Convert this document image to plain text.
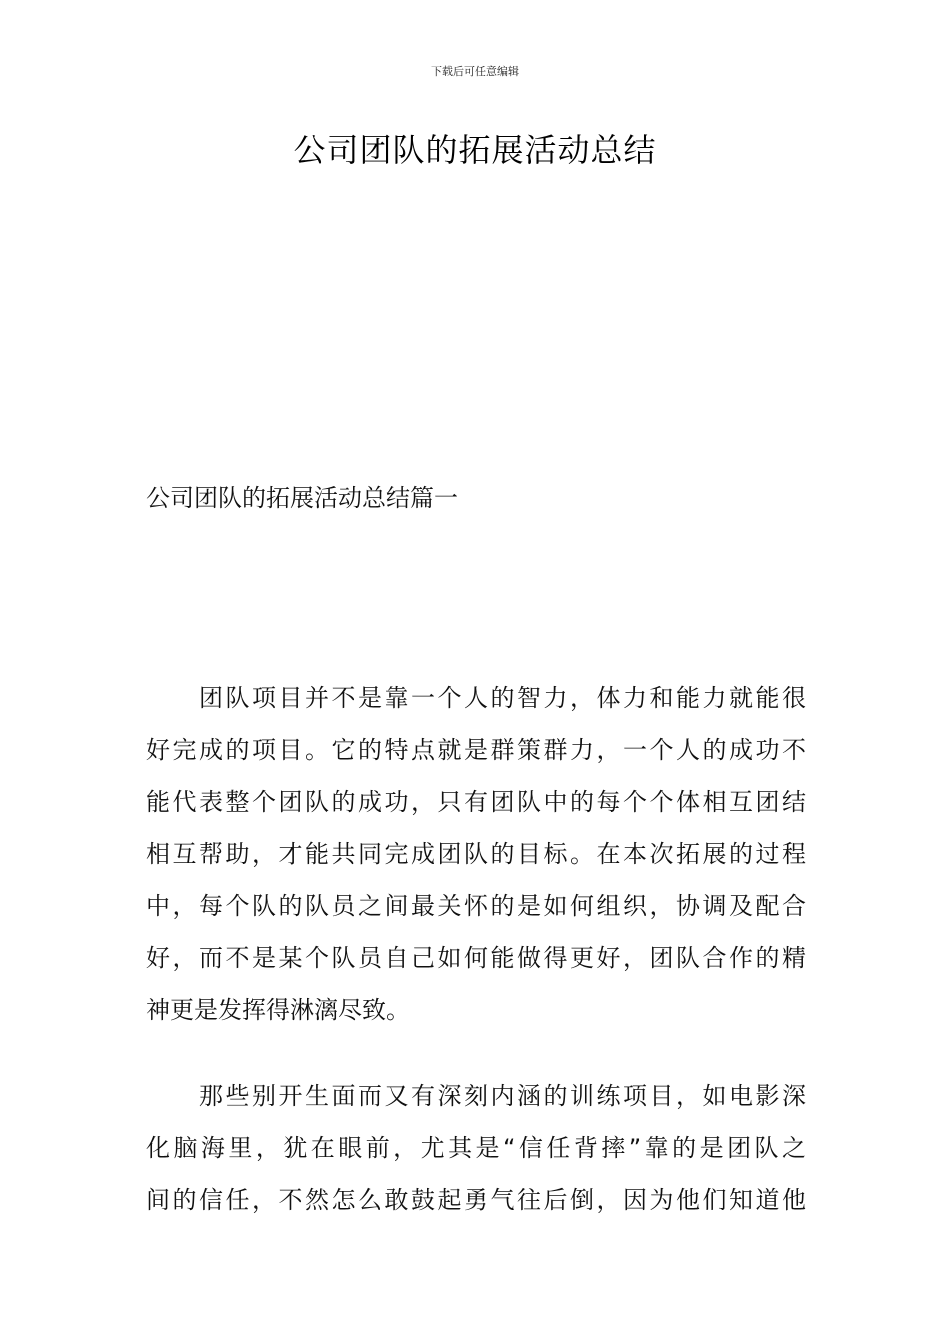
下载后可任意编辑
公司团队的拓展活动总结
公司团队的拓展活动总结篇一
　　团队项目并不是靠一个人的智力，体力和能力就能很
好完成的项目。它的特点就是群策群力，一个人的成功不
能代表整个团队的成功，只有团队中的每个个体相互团结
相互帮助，才能共同完成团队的目标。在本次拓展的过程
中，每个队的队员之间最关怀的是如何组织，协调及配合
好，而不是某个队员自己如何能做得更好，团队合作的精
神更是发挥得淋漓尽致。
　　那些别开生面而又有深刻内涵的训练项目，如电影深
化脑海里，犹在眼前，尤其是“信任背摔”靠的是团队之
间的信任，不然怎么敢鼓起勇气往后倒，因为他们知道他
